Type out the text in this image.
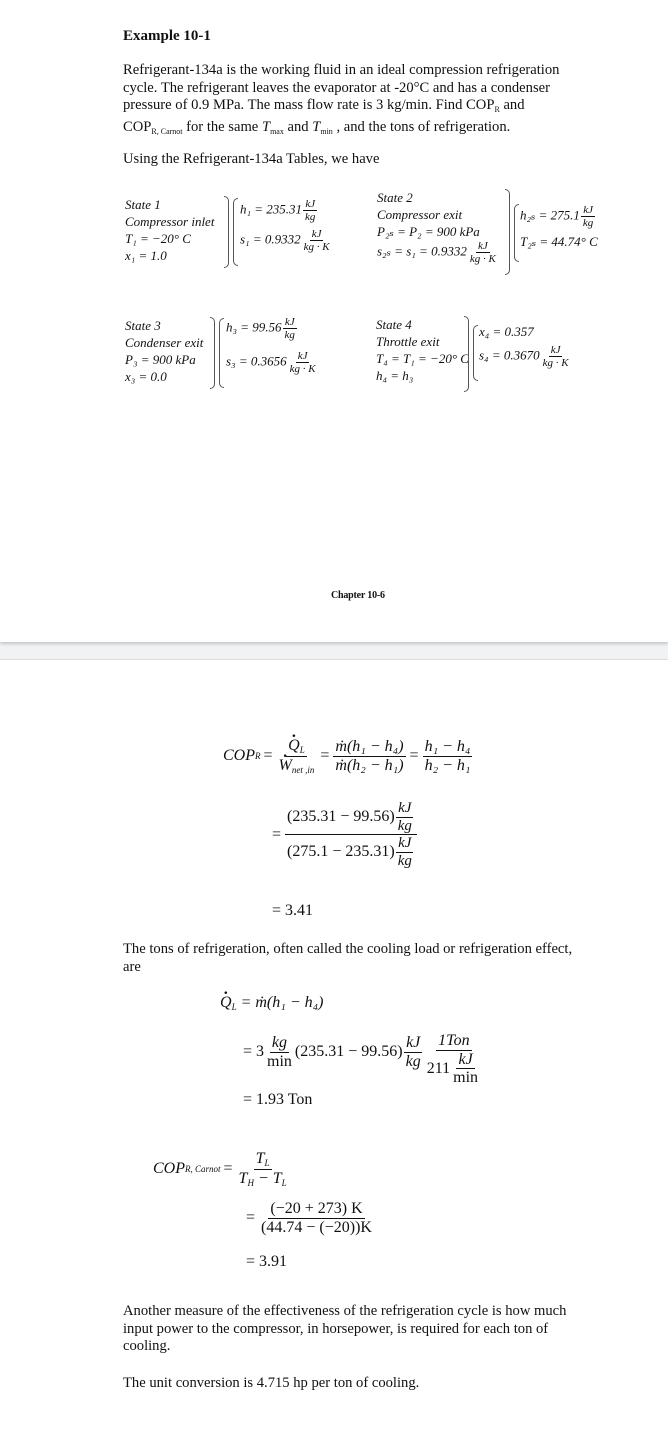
Example 10-1
Refrigerant-134a is the working fluid in an ideal compression refrigeration
cycle. The refrigerant leaves the evaporator at -20°C and has a condenser
pressure of 0.9 MPa. The mass flow rate is 3 kg/min. Find $COP_R$ and
$COP_{R, Carnot}$ for the same $T_{max}$ and $T_{min}$ , and the tons of refrigeration.
Using the Refrigerant-134a Tables, we have
State 1
Compressor inlet
T₁ = −20° C
x₁ = 1.0
$h_1 = 235.31 \frac{kJ}{kg}$
$s_1 = 0.9332 \frac{kJ}{kg \cdot K}$
State 2
Compressor exit
P₂ₛ = P₂ = 900 kPa
$s_{2s} = s_1 = 0.9332 \frac{kJ}{kg \cdot K}$
$h_{2s} = 275.1 \frac{kJ}{kg}$
T₂ₛ = 44.74° C
State 3
Condenser exit
P₃ = 900 kPa
x₃ = 0.0
$h_3 = 99.56 \frac{kJ}{kg}$
$s_3 = 0.3656 \frac{kJ}{kg \cdot K}$
State 4
Throttle exit
T₄ = T₁ = −20° C
h₄ = h₃
x₄ = 0.357
$s_4 = 0.3670 \frac{kJ}{kg \cdot K}$
Chapter 10-6
COP R = · QL
· Wnet $,in = \frac{\text{ṁ(h₁ − h₄)}}{\text{ṁ(h₂ − h₁)}} = \frac{\text{h₁ − h₄}}{\text{h₂ − h₁}}$
= $\frac{(235.31 - 99.56) \frac{kJ}{kg}}{(275.1 - 235.31) \frac{kJ}{kg}}$
= 3.41
The tons of refrigeration, often called the cooling load or refrigeration effect,
are
· QL = ṁ(h₁ − h₄)
= $3 \frac{kg}{\min} (235.31 - 99.56) \frac{kJ}{kg} \frac{\text{1Ton}}{211 \frac{kJ}{\min}}$
= 1.93 Ton
COP R, Carnot = $\frac{TL}{TH - TL}$
= $\frac{(-20 + 273) K}{(44.74 - (-20))K}$
= 3.91
Another measure of the effectiveness of the refrigeration cycle is how much
input power to the compressor, in horsepower, is required for each ton of
cooling.
The unit conversion is 4.715 hp per ton of cooling.
